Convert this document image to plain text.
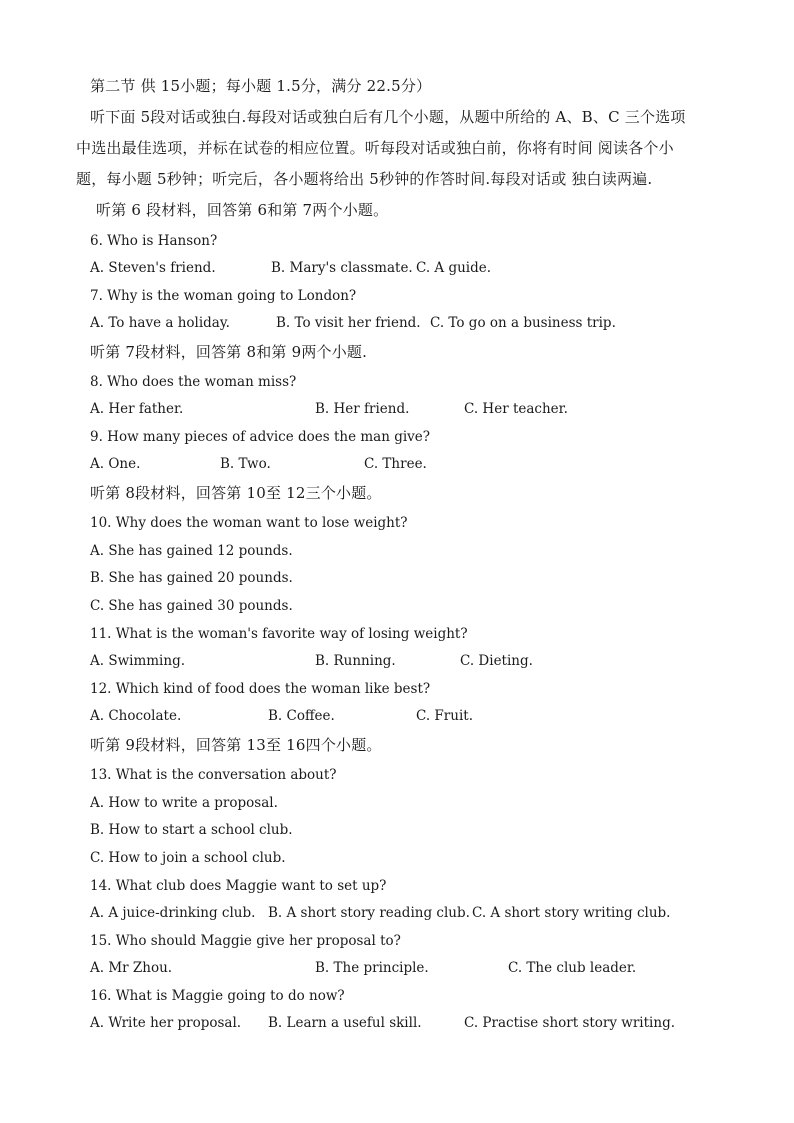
第二节 供 15小题；每小题 1.5分，满分 22.5分）
听下面 5段对话或独白.每段对话或独白后有几个小题，从题中所给的 A、B、C 三个选项
中选出最佳选项，并标在试卷的相应位置。听每段对话或独白前，你将有时间 阅读各个小
题，每小题 5秒钟；听完后，各小题将给出 5秒钟的作答时间.每段对话或 独白读两遍.
听第 6 段材料，回答第 6和第 7两个小题。
6. Who is Hanson?
A. Steven's friend.	B. Mary's classmate. C. A guide.
7. Why is the woman going to London?
A. To have a holiday.	B. To visit her friend. C. To go on a business trip.
听第 7段材料，回答第 8和第 9两个小题.
8. Who does the woman miss?
A. Her father.	B. Her friend.	C. Her teacher.
9. How many pieces of advice does the man give?
A. One.	B. Two.	C. Three.
听第 8段材料，回答第 10至 12三个小题。
10. Why does the woman want to lose weight?
A. She has gained 12 pounds.
B. She has gained 20 pounds.
C. She has gained 30 pounds.
11. What is the woman's favorite way of losing weight?
A. Swimming.	B. Running.	C. Dieting.
12. Which kind of food does the woman like best?
A. Chocolate.	B. Coffee.	C. Fruit.
听第 9段材料，回答第 13至 16四个小题。
13. What is the conversation about?
A. How to write a proposal.
B. How to start a school club.
C. How to join a school club.
14. What club does Maggie want to set up?
A. A juice-drinking club. B. A short story reading club. C. A short story writing club.
15. Who should Maggie give her proposal to?
A. Mr Zhou.	B. The principle.	C. The club leader.
16. What is Maggie going to do now?
A. Write her proposal. B. Learn a useful skill.	C. Practise short story writing.
